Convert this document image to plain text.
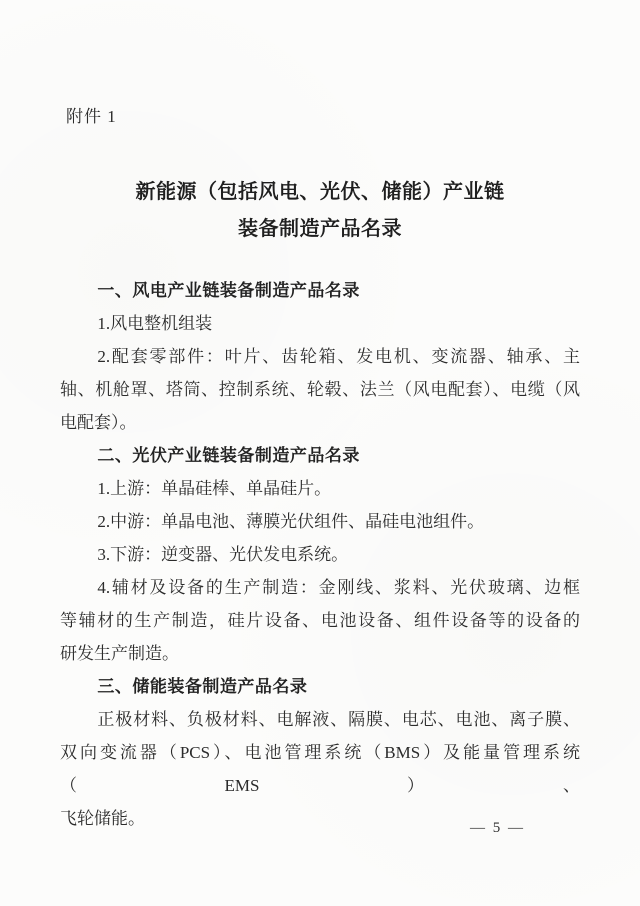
附件 1
新能源（包括风电、光伏、储能）产业链
装备制造产品名录
一、风电产业链装备制造产品名录
1.风电整机组装
2.配套零部件：叶片、齿轮箱、发电机、变流器、轴承、主
轴、机舱罩、塔筒、控制系统、轮毂、法兰（风电配套）、电缆（风
电配套）。
二、光伏产业链装备制造产品名录
1.上游：单晶硅棒、单晶硅片。
2.中游：单晶电池、薄膜光伏组件、晶硅电池组件。
3.下游：逆变器、光伏发电系统。
4.辅材及设备的生产制造：金刚线、浆料、光伏玻璃、边框
等辅材的生产制造，硅片设备、电池设备、组件设备等的设备的
研发生产制造。
三、储能装备制造产品名录
正极材料、负极材料、电解液、隔膜、电芯、电池、离子膜、
双向变流器（PCS）、电池管理系统（BMS）及能量管理系统（EMS）、
飞轮储能。	— 5 —
